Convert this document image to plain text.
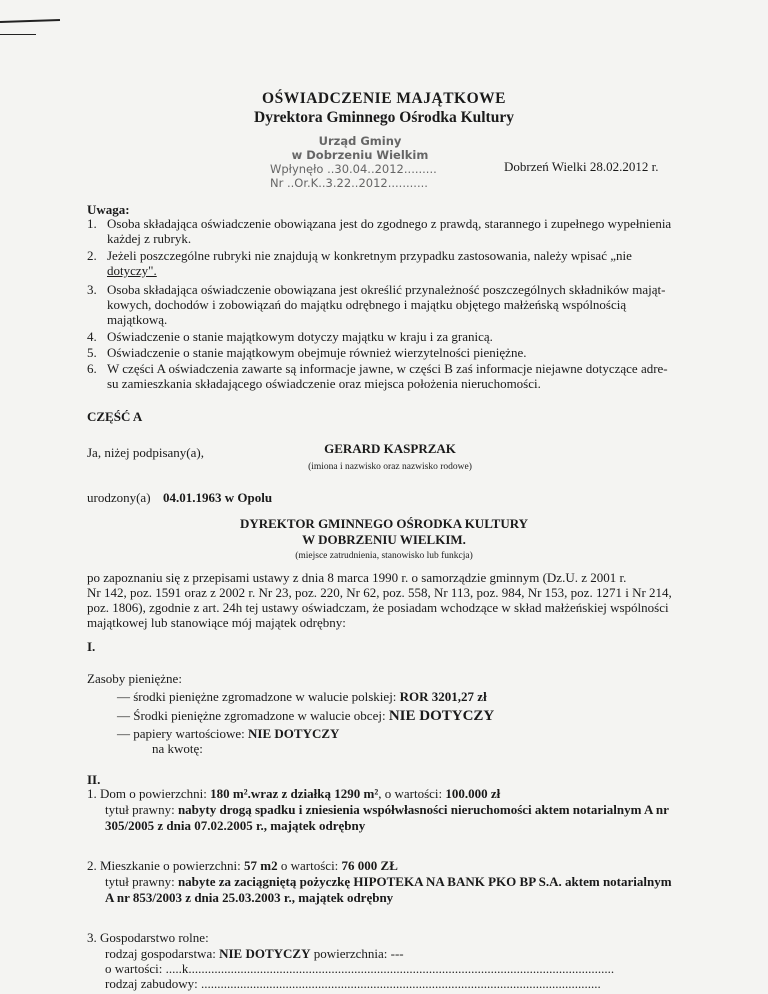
OŚWIADCZENIE MAJĄTKOWE
Dyrektora Gminnego Ośrodka Kultury
Urząd Gminy
w Dobrzeniu Wielkim
Wpłynęło ..30.04..2012.........
Nr ..Or.K..3.22..2012...........
Dobrzeń Wielki 28.02.2012 r.
Uwaga:
1. Osoba składająca oświadczenie obowiązana jest do zgodnego z prawdą, starannego i zupełnego wypełnienia
każdej z rubryk.
2. Jeżeli poszczególne rubryki nie znajdują w konkretnym przypadku zastosowania, należy wpisać „nie
dotyczy".
3. Osoba składająca oświadczenie obowiązana jest określić przynależność poszczególnych składników mająt-
kowych, dochodów i zobowiązań do majątku odrębnego i majątku objętego małżeńską wspólnością
majątkową.
4. Oświadczenie o stanie majątkowym dotyczy majątku w kraju i za granicą.
5. Oświadczenie o stanie majątkowym obejmuje również wierzytelności pieniężne.
6. W części A oświadczenia zawarte są informacje jawne, w części B zaś informacje niejawne dotyczące adre-
su zamieszkania składającego oświadczenie oraz miejsca położenia nieruchomości.
CZĘŚĆ A
Ja, niżej podpisany(a),	GERARD KASPRZAK
(imiona i nazwisko oraz nazwisko rodowe)
urodzony(a) 04.01.1963 w Opolu
DYREKTOR GMINNEGO OŚRODKA KULTURY
W DOBRZENIU WIELKIM.
(miejsce zatrudnienia, stanowisko lub funkcja)
po zapoznaniu się z przepisami ustawy z dnia 8 marca 1990 r. o samorządzie gminnym (Dz.U. z 2001 r.
Nr 142, poz. 1591 oraz z 2002 r. Nr 23, poz. 220, Nr 62, poz. 558, Nr 113, poz. 984, Nr 153, poz. 1271 i Nr 214,
poz. 1806), zgodnie z art. 24h tej ustawy oświadczam, że posiadam wchodzące w skład małżeńskiej wspólności
majątkowej lub stanowiące mój majątek odrębny:
I.
Zasoby pieniężne:
— środki pieniężne zgromadzone w walucie polskiej: ROR 3201,27 zł
— Środki pieniężne zgromadzone w walucie obcej: NIE DOTYCZY
— papiery wartościowe: NIE DOTYCZY
na kwotę:
II.
1. Dom o powierzchni: 180 m².wraz z działką 1290 m², o wartości: 100.000 zł
tytuł prawny: nabyty drogą spadku i zniesienia współwłasności nieruchomości aktem notarialnym A nr
305/2005 z dnia 07.02.2005 r., majątek odrębny
2. Mieszkanie o powierzchni: 57 m2 o wartości: 76 000 ZŁ
tytuł prawny: nabyte za zaciągniętą pożyczkę HIPOTEKA NA BANK PKO BP S.A. aktem notarialnym
A nr 853/2003 z dnia 25.03.2003 r., majątek odrębny
3. Gospodarstwo rolne:
rodzaj gospodarstwa: NIE DOTYCZY powierzchnia: ---
o wartości: .....k...................................................................................................................................
rodzaj zabudowy: ...........................................................................................................................
